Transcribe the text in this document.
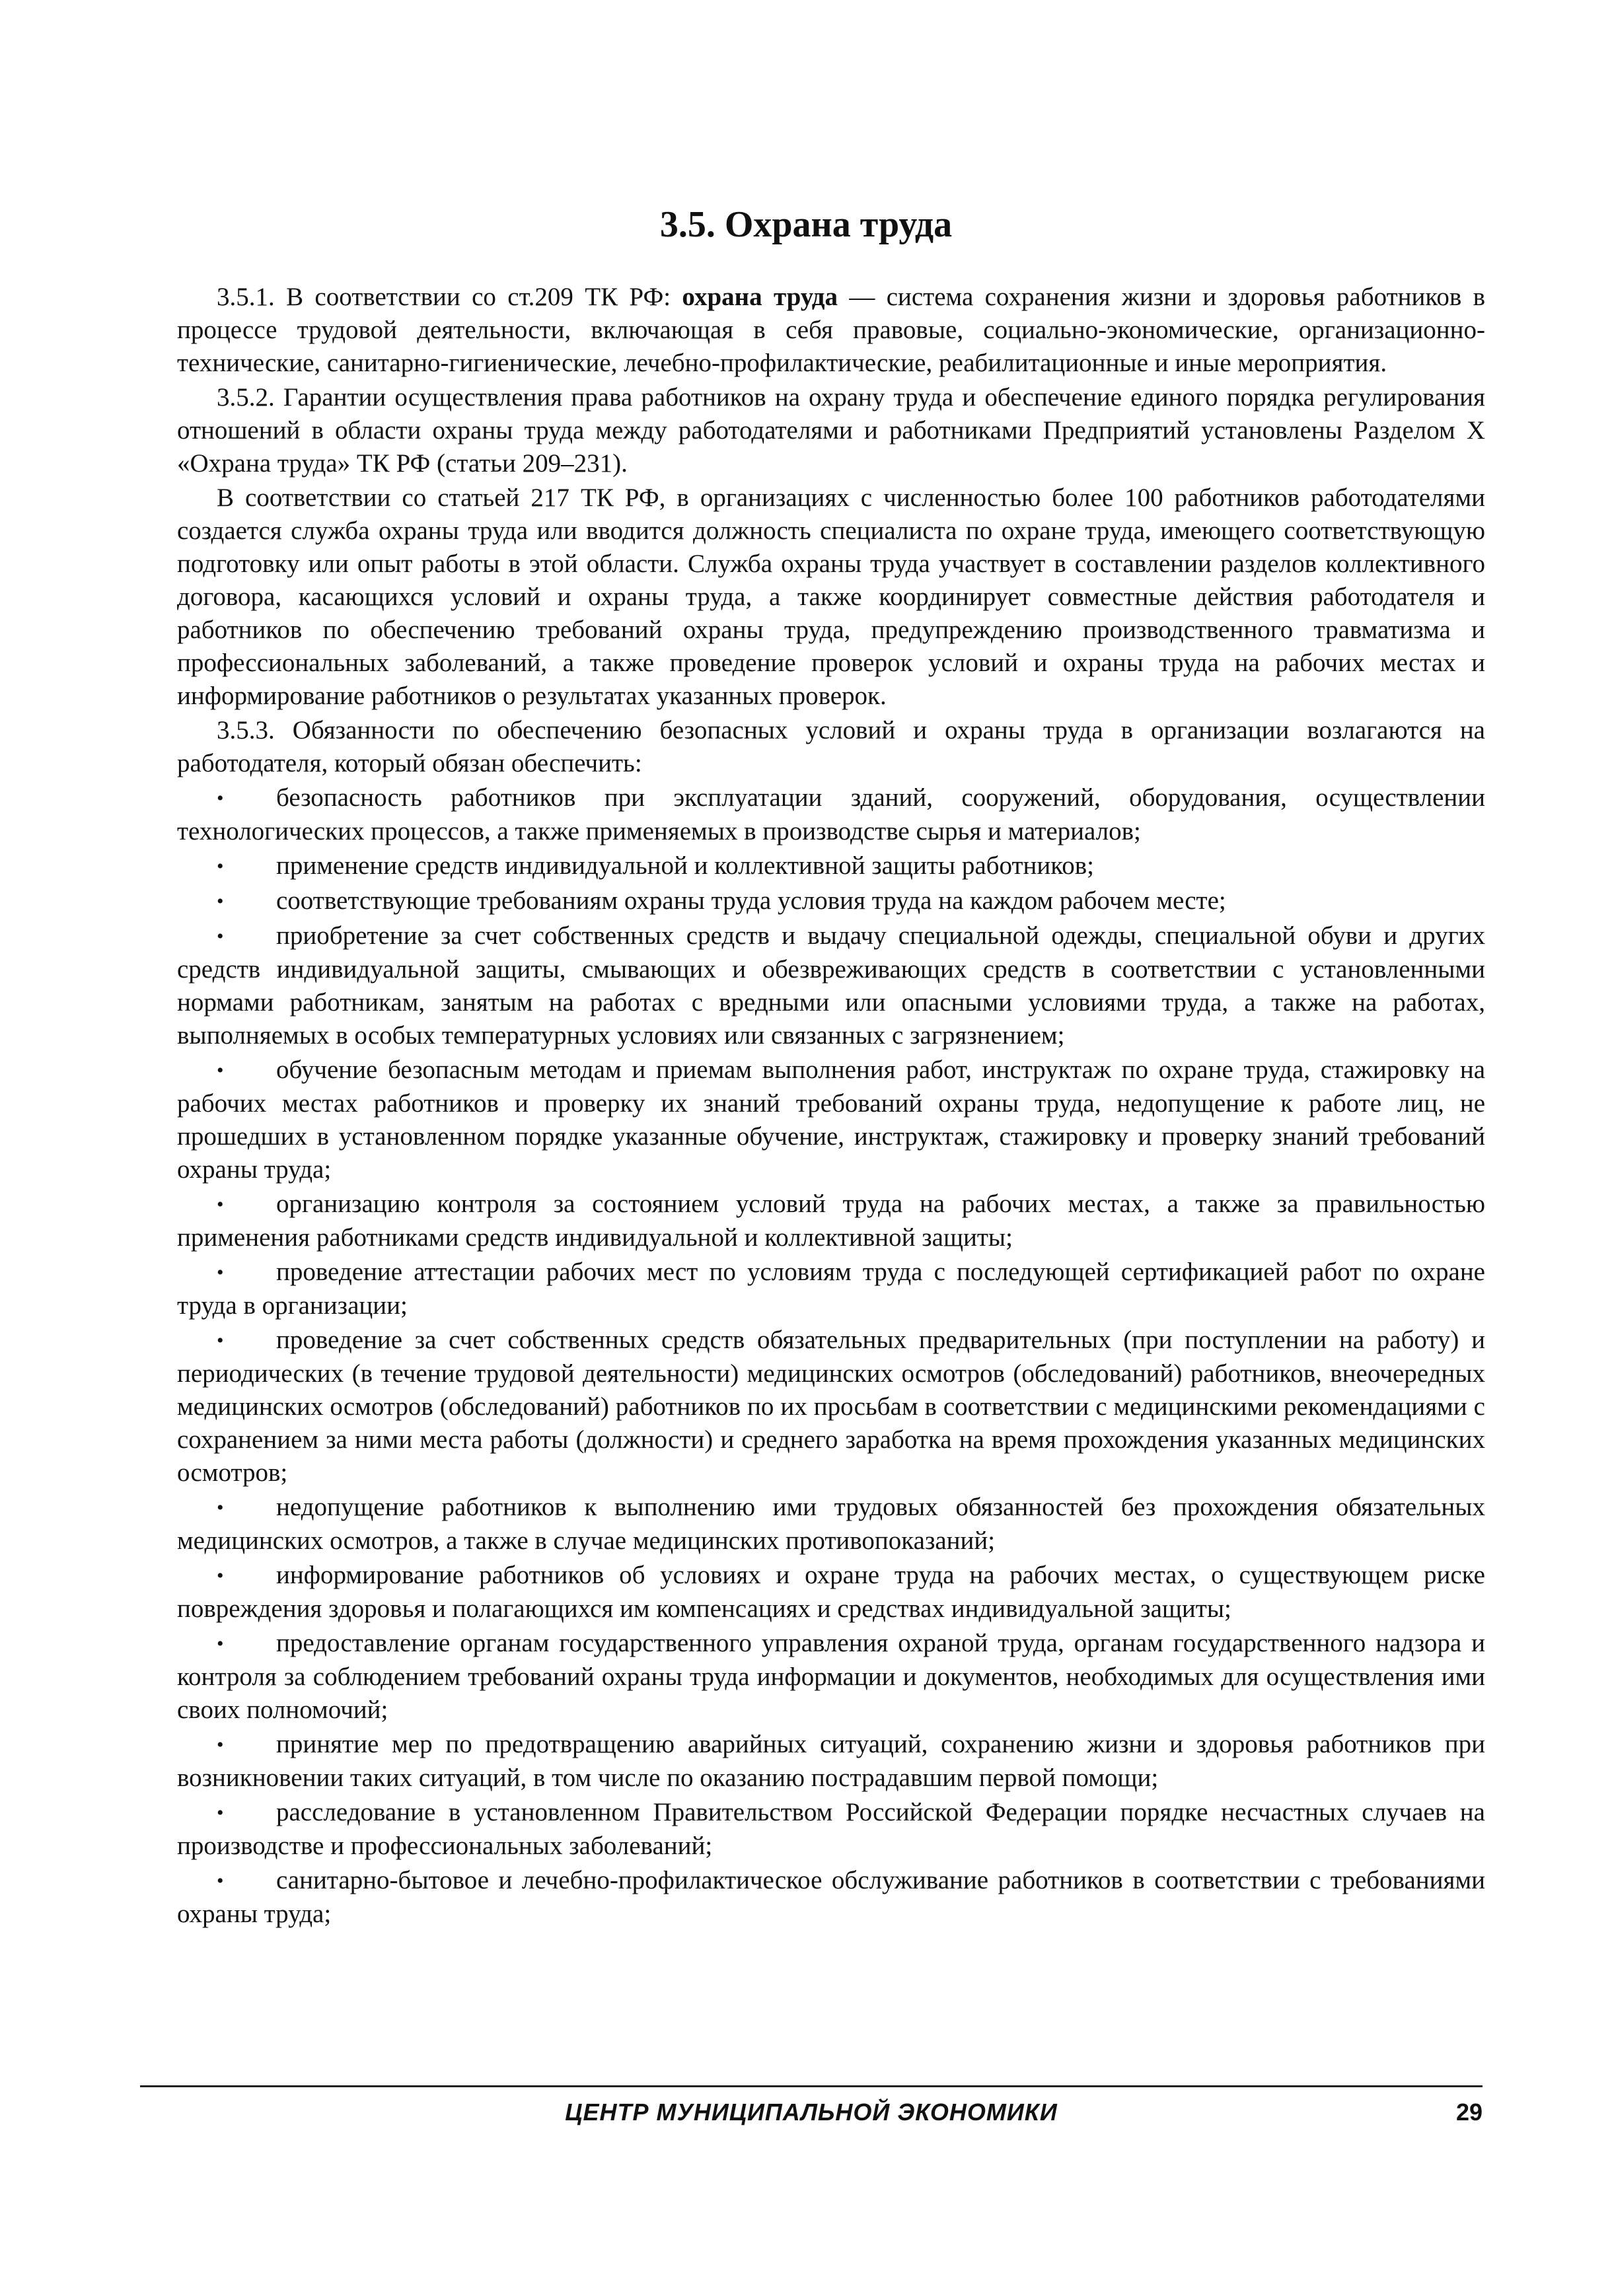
3.5. Охрана труда

3.5.1. В соответствии со ст.209 ТК РФ: охрана труда — система сохранения жизни и здоровья работников в процессе трудовой деятельности, включающая в себя правовые, социально-экономические, организационно-технические, санитарно-гигиенические, лечебно-профилактические, реабилитационные и иные мероприятия.

3.5.2. Гарантии осуществления права работников на охрану труда и обеспечение единого порядка регулирования отношений в области охраны труда между работодателями и работниками Предприятий установлены Разделом X «Охрана труда» ТК РФ (статьи 209–231).

В соответствии со статьей 217 ТК РФ, в организациях с численностью более 100 работников работодателями создается служба охраны труда или вводится должность специалиста по охране труда, имеющего соответствующую подготовку или опыт работы в этой области. Служба охраны труда участвует в составлении разделов коллективного договора, касающихся условий и охраны труда, а также координирует совместные действия работодателя и работников по обеспечению требований охраны труда, предупреждению производственного травматизма и профессиональных заболеваний, а также проведение проверок условий и охраны труда на рабочих местах и информирование работников о результатах указанных проверок.

3.5.3. Обязанности по обеспечению безопасных условий и охраны труда в организации возлагаются на работодателя, который обязан обеспечить:

• безопасность работников при эксплуатации зданий, сооружений, оборудования, осуществлении технологических процессов, а также применяемых в производстве сырья и материалов;
• применение средств индивидуальной и коллективной защиты работников;
• соответствующие требованиям охраны труда условия труда на каждом рабочем месте;
• приобретение за счет собственных средств и выдачу специальной одежды, специальной обуви и других средств индивидуальной защиты, смывающих и обезвреживающих средств в соответствии с установленными нормами работникам, занятым на работах с вредными или опасными условиями труда, а также на работах, выполняемых в особых температурных условиях или связанных с загрязнением;
• обучение безопасным методам и приемам выполнения работ, инструктаж по охране труда, стажировку на рабочих местах работников и проверку их знаний требований охраны труда, недопущение к работе лиц, не прошедших в установленном порядке указанные обучение, инструктаж, стажировку и проверку знаний требований охраны труда;
• организацию контроля за состоянием условий труда на рабочих местах, а также за правильностью применения работниками средств индивидуальной и коллективной защиты;
• проведение аттестации рабочих мест по условиям труда с последующей сертификацией работ по охране труда в организации;
• проведение за счет собственных средств обязательных предварительных (при поступлении на работу) и периодических (в течение трудовой деятельности) медицинских осмотров (обследований) работников, внеочередных медицинских осмотров (обследований) работников по их просьбам в соответствии с медицинскими рекомендациями с сохранением за ними места работы (должности) и среднего заработка на время прохождения указанных медицинских осмотров;
• недопущение работников к выполнению ими трудовых обязанностей без прохождения обязательных медицинских осмотров, а также в случае медицинских противопоказаний;
• информирование работников об условиях и охране труда на рабочих местах, о существующем риске повреждения здоровья и полагающихся им компенсациях и средствах индивидуальной защиты;
• предоставление органам государственного управления охраной труда, органам государственного надзора и контроля за соблюдением требований охраны труда информации и документов, необходимых для осуществления ими своих полномочий;
• принятие мер по предотвращению аварийных ситуаций, сохранению жизни и здоровья работников при возникновении таких ситуаций, в том числе по оказанию пострадавшим первой помощи;
• расследование в установленном Правительством Российской Федерации порядке несчастных случаев на производстве и профессиональных заболеваний;
• санитарно-бытовое и лечебно-профилактическое обслуживание работников в соответствии с требованиями охраны труда;
ЦЕНТР МУНИЦИПАЛЬНОЙ ЭКОНОМИКИ	29
